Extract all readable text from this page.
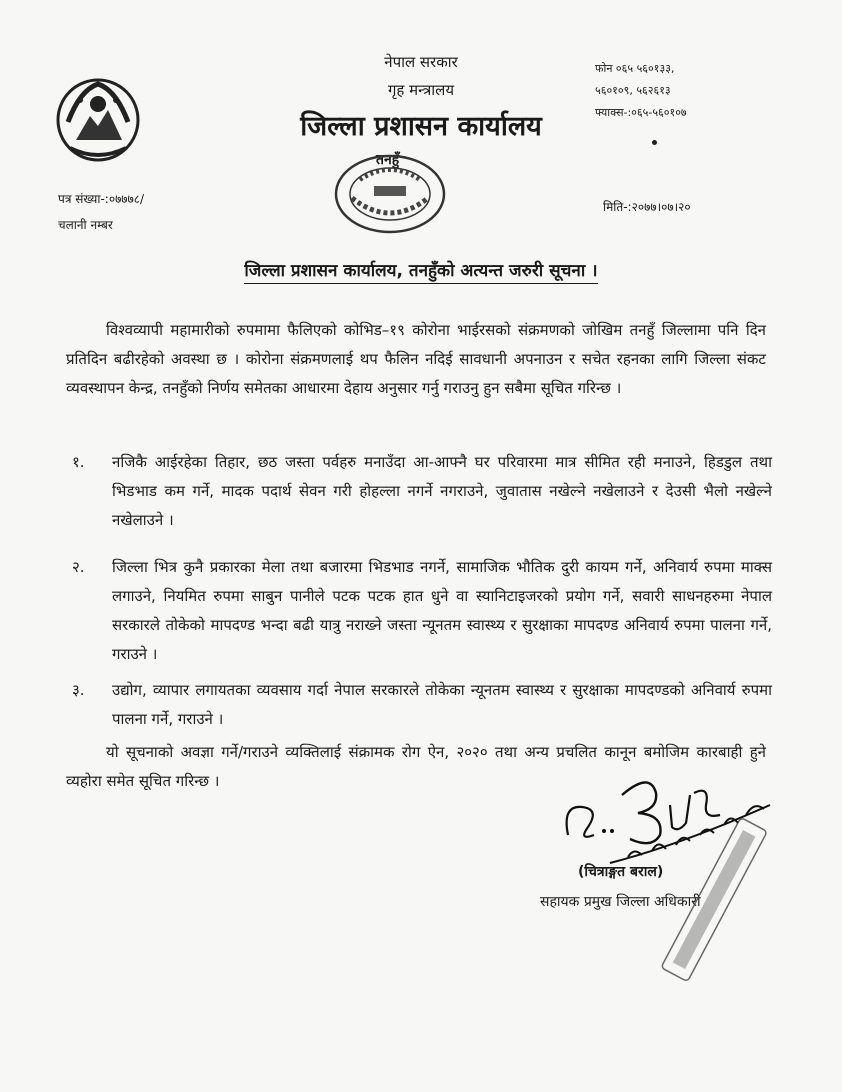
नेपाल सरकार
गृह मन्त्रालय
जिल्ला प्रशासन कार्यालय
तनहुँ
फोन ०६५ ५६०१३३,
५६०१०९, ५६२६१३
फ्याक्स-:०६५-५६०१०७
पत्र संख्या-:०७७७८/
चलानी नम्बर
मिति-:२०७७।०७।२०
जिल्ला प्रशासन कार्यालय, तनहुँको अत्यन्त जरुरी सूचना ।
विश्वव्यापी महामारीको रुपमामा फैलिएको कोभिड–१९ कोरोना भाईरसको संक्रमणको जोखिम तनहुँ जिल्लामा पनि दिन प्रतिदिन बढीरहेको अवस्था छ । कोरोना संक्रमणलाई थप फैलिन नदिई सावधानी अपनाउन र सचेत रहनका लागि जिल्ला संकट व्यवस्थापन केन्द्र, तनहुँको निर्णय समेतका आधारमा देहाय अनुसार गर्नु गराउनु हुन सबैमा सूचित गरिन्छ ।
१.	नजिकै आईरहेका तिहार, छठ जस्ता पर्वहरु मनाउँदा आ-आफ्नै घर परिवारमा मात्र सीमित रही मनाउने, हिडडुल तथा भिडभाड कम गर्ने, मादक पदार्थ सेवन गरी होहल्ला नगर्ने नगराउने, जुवातास नखेल्ने नखेलाउने र देउसी भैलो नखेल्ने नखेलाउने ।
२.	जिल्ला भित्र कुनै प्रकारका मेला तथा बजारमा भिडभाड नगर्ने, सामाजिक भौतिक दुरी कायम गर्ने, अनिवार्य रुपमा माक्स लगाउने, नियमित रुपमा साबुन पानीले पटक पटक हात धुने वा स्यानिटाइजरको प्रयोग गर्ने, सवारी साधनहरुमा नेपाल सरकारले तोकेको मापदण्ड भन्दा बढी यात्रु नराख्ने जस्ता न्यूनतम स्वास्थ्य र सुरक्षाका मापदण्ड अनिवार्य रुपमा पालना गर्ने, गराउने ।
३.	उद्योग, व्यापार लगायतका व्यवसाय गर्दा नेपाल सरकारले तोकेका न्यूनतम स्वास्थ्य र सुरक्षाका मापदण्डको अनिवार्य रुपमा पालना गर्ने, गराउने ।
यो सूचनाको अवज्ञा गर्ने/गराउने व्यक्तिलाई संक्रामक रोग ऐन, २०२० तथा अन्य प्रचलित कानून बमोजिम कारबाही हुने व्यहोरा समेत सूचित गरिन्छ ।
(चित्राङ्गत बराल)
सहायक प्रमुख जिल्ला अधिकारी
